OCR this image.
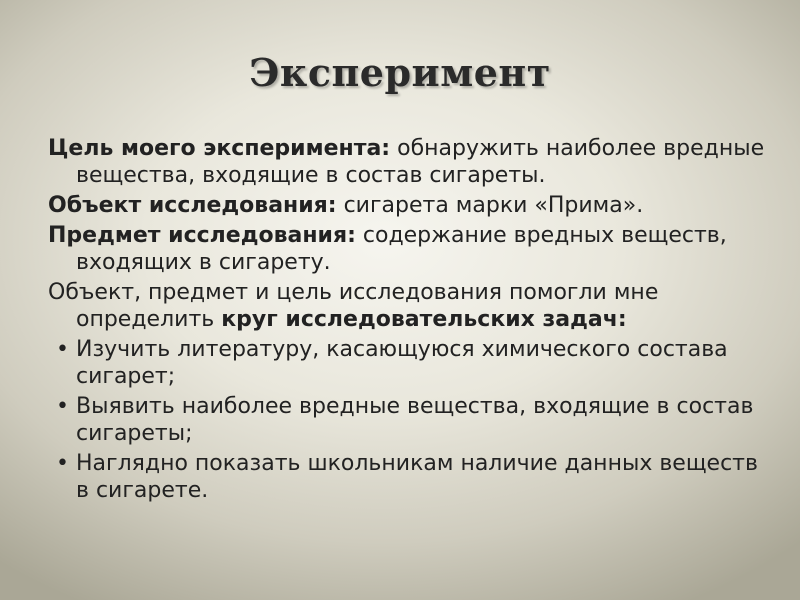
Эксперимент
Цель моего эксперимента: обнаружить наиболее вредные вещества, входящие в состав сигареты.
Объект исследования: сигарета марки «Прима».
Предмет исследования: содержание вредных веществ, входящих в сигарету.
Объект, предмет и цель исследования помогли мне определить круг исследовательских задач:
• Изучить литературу, касающуюся химического состава сигарет;
• Выявить наиболее вредные вещества, входящие в состав сигареты;
• Наглядно показать школьникам наличие данных веществ в сигарете.
